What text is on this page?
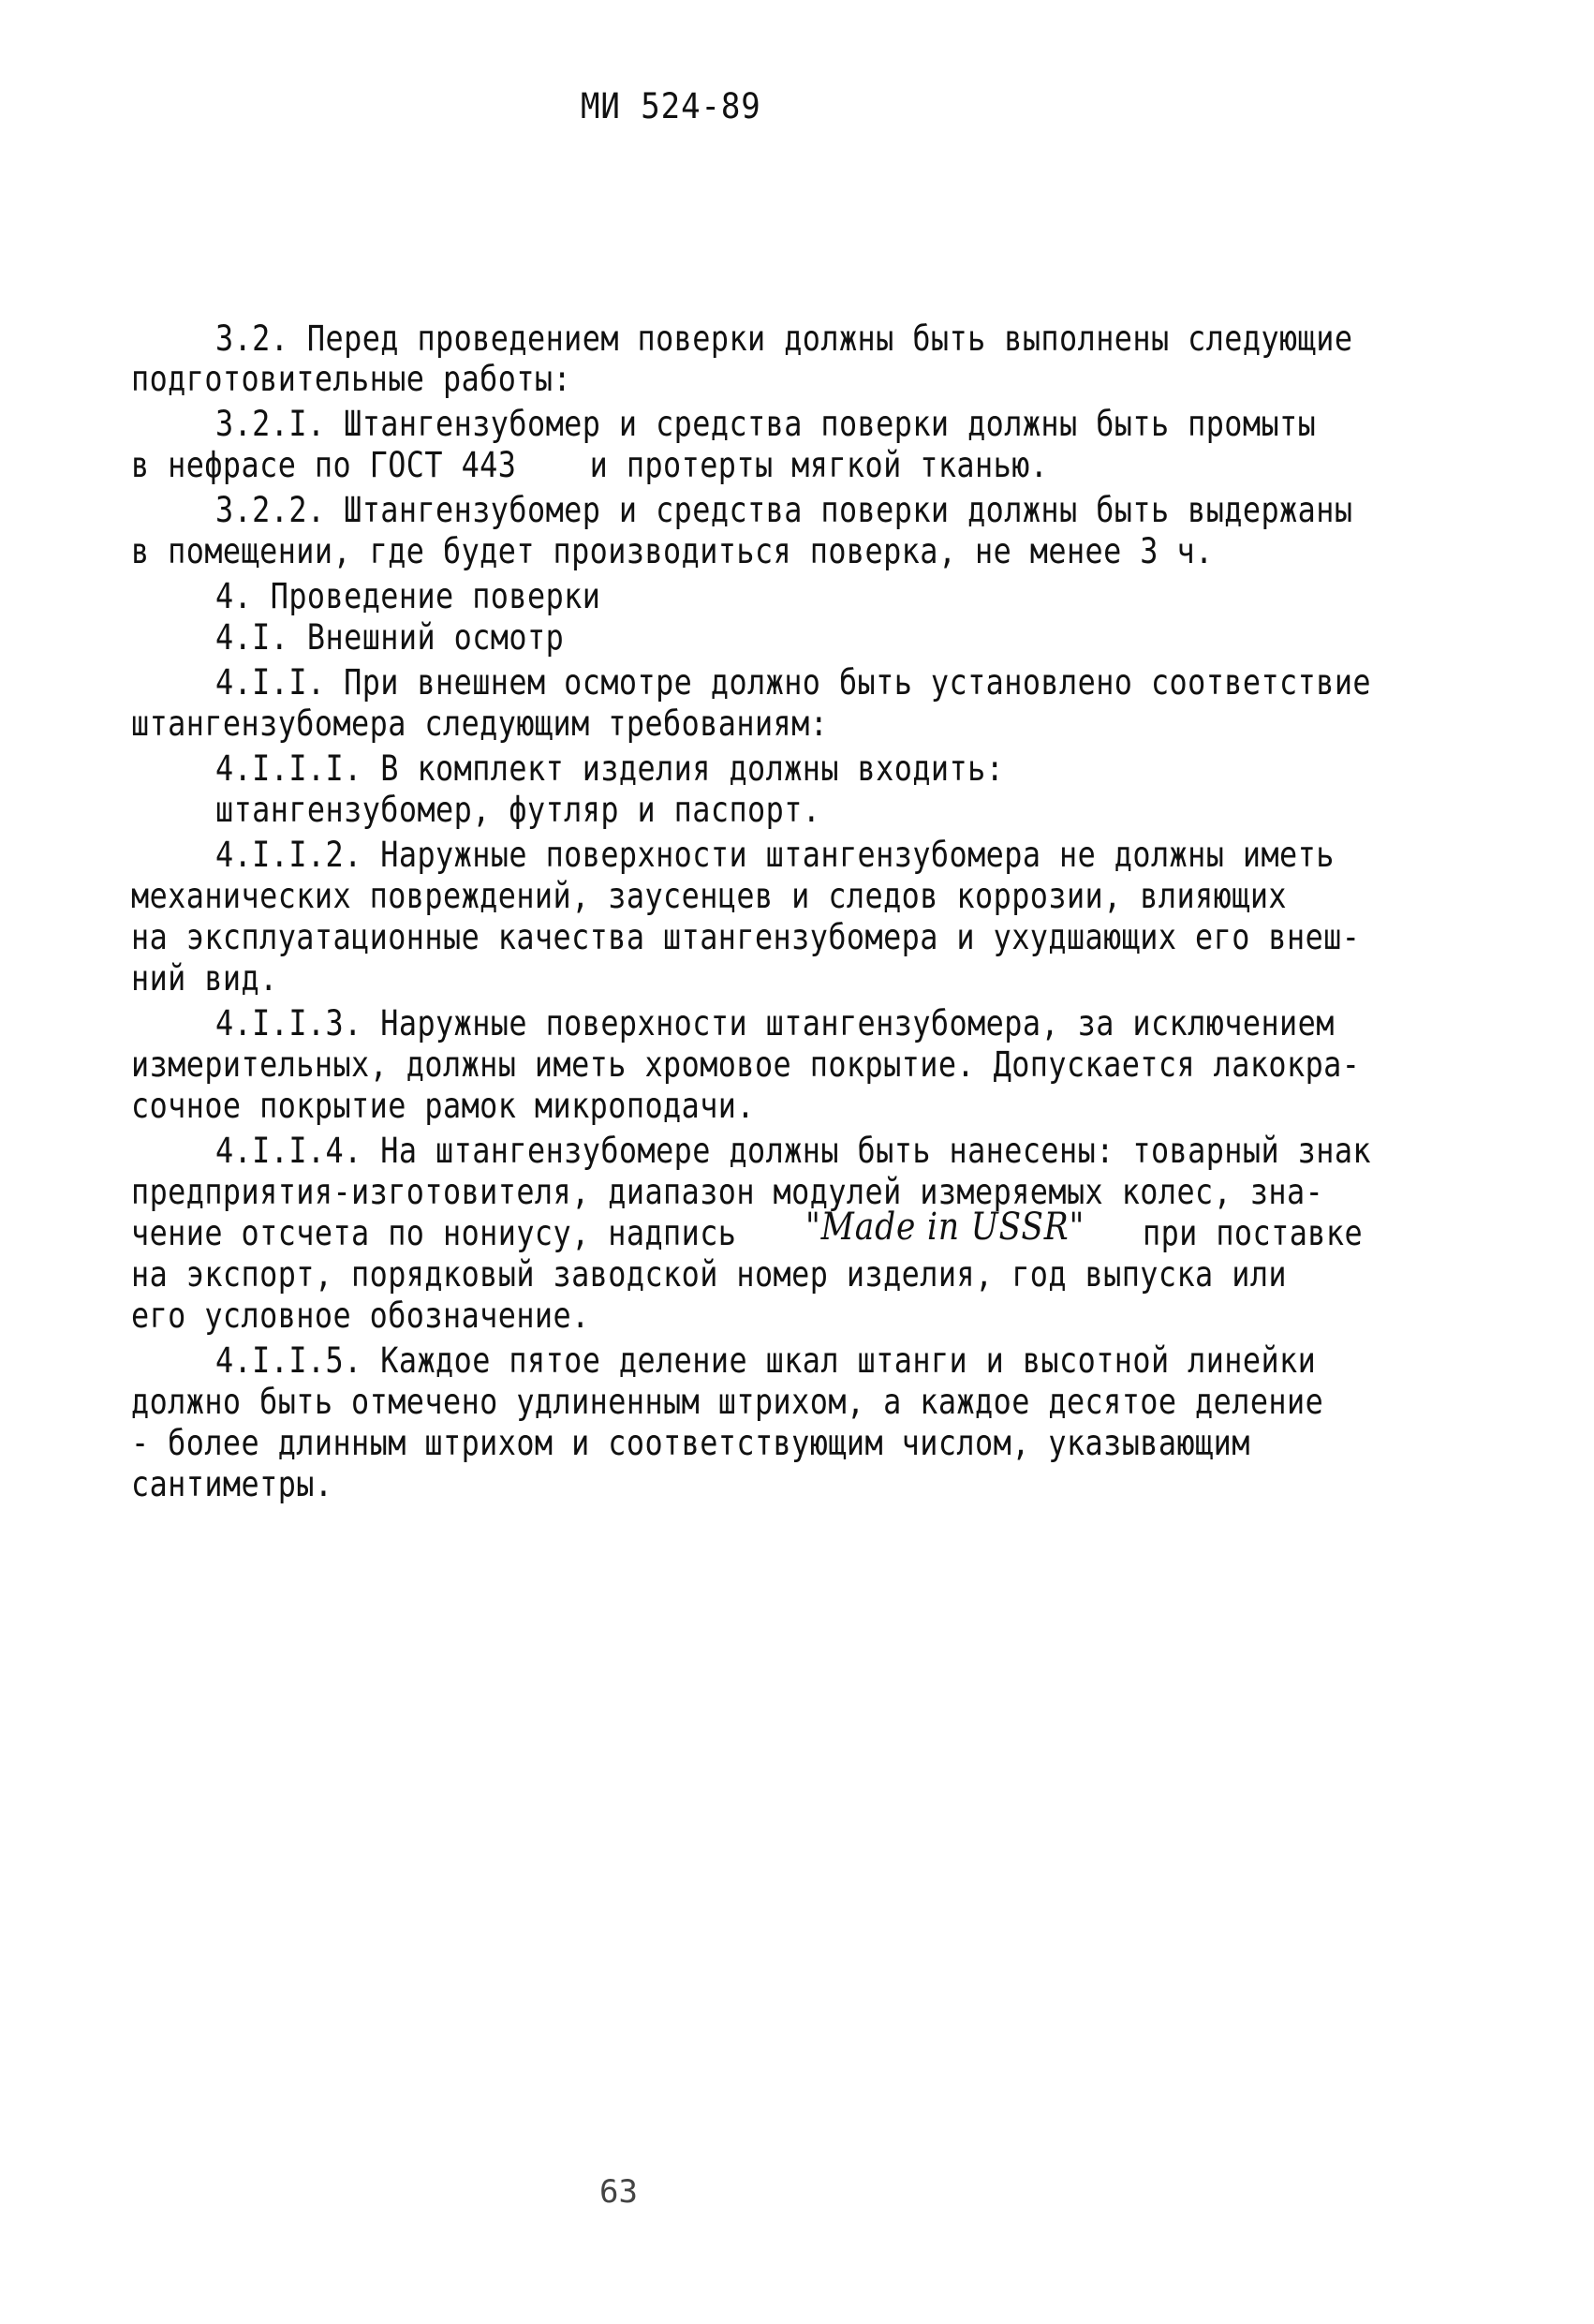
МИ 524-89
3.2. Перед проведением поверки должны быть выполнены следующие
подготовительные работы:
3.2.I. Штангензубомер и средства поверки должны быть промыты
в нефрасе по ГОСТ 443    и протерты мягкой тканью.
3.2.2. Штангензубомер и средства поверки должны быть выдержаны
в помещении, где будет производиться поверка, не менее 3 ч.
4. Проведение поверки
4.I. Внешний осмотр
4.I.I. При внешнем осмотре должно быть установлено соответствие
штангензубомера следующим требованиям:
4.I.I.I. В комплект изделия должны входить:
штангензубомер, футляр и паспорт.
4.I.I.2. Наружные поверхности штангензубомера не должны иметь
механических повреждений, заусенцев и следов коррозии, влияющих
на эксплуатационные качества штангензубомера и ухудшающих его внеш-
ний вид.
4.I.I.3. Наружные поверхности штангензубомера, за исключением
измерительных, должны иметь хромовое покрытие. Допускается лакокра-
сочное покрытие рамок микроподачи.
4.I.I.4. На штангензубомере должны быть нанесены: товарный знак
предприятия-изготовителя, диапазон модулей измеряемых колес, зна-
чение отсчета по нониусу, надпись "Made in USSR" при поставке
на экспорт, порядковый заводской номер изделия, год выпуска или
его условное обозначение.
4.I.I.5. Каждое пятое деление шкал штанги и высотной линейки
должно быть отмечено удлиненным штрихом, а каждое десятое деление
- более длинным штрихом и соответствующим числом, указывающим
сантиметры.
63
